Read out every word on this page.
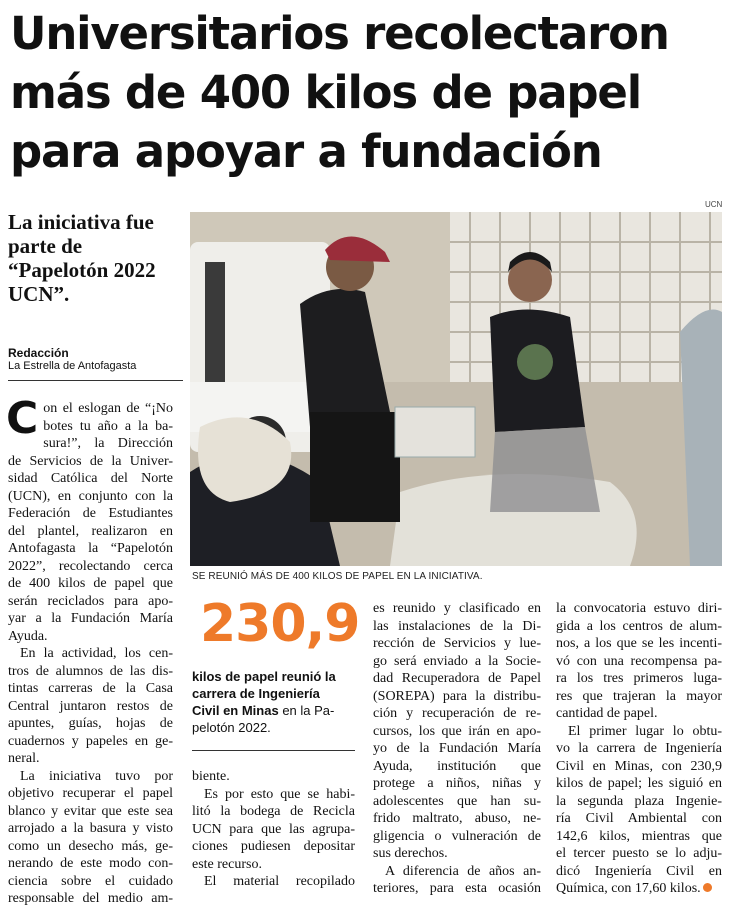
Universitarios recolectaron
más de 400 kilos de papel
para apoyar a fundación
La iniciativa fue
parte de
“Papelotón 2022
UCN”.
Redacción
La Estrella de Antofagasta
UCN
SE REUNIÓ MÁS DE 400 KILOS DE PAPEL EN LA INICIATIVA.
C on el eslogan de “¡No
botes tu año a la ba-
sura!”, la Dirección

de Servicios de la Univer-
sidad Católica del Norte
(UCN), en conjunto con la
Federación de Estudiantes
del plantel, realizaron en
Antofagasta la “Papelotón
2022”, recolectando cerca
de 400 kilos de papel que
serán reciclados para apo-
yar a la Fundación María
Ayuda.

En la actividad, los cen-
tros de alumnos de las dis-
tintas carreras de la Casa
Central juntaron restos de
apuntes, guías, hojas de
cuadernos y papeles en ge-
neral.

La iniciativa tuvo por
objetivo recuperar el papel
blanco y evitar que este sea
arrojado a la basura y visto
como un desecho más, ge-
nerando de este modo con-
ciencia sobre el cuidado
responsable del medio am-

230,9
kilos de papel reunió la
carrera de Ingeniería
Civil en Minas en la Pa-
pelotón 2022.

biente.

Es por esto que se habi-
litó la bodega de Recicla
UCN para que las agrupa-
ciones pudiesen depositar
este recurso.

El material recopilado

es reunido y clasificado en
las instalaciones de la Di-
rección de Servicios y lue-
go será enviado a la Socie-
dad Recuperadora de Papel
(SOREPA) para la distribu-
ción y recuperación de re-
cursos, los que irán en apo-
yo de la Fundación María
Ayuda, institución que
protege a niños, niñas y
adolescentes que han su-
frido maltrato, abuso, ne-
gligencia o vulneración de
sus derechos.

A diferencia de años an-
teriores, para esta ocasión

la convocatoria estuvo diri-
gida a los centros de alum-
nos, a los que se les incenti-
vó con una recompensa pa-
ra los tres primeros luga-
res que trajeran la mayor
cantidad de papel.

El primer lugar lo obtu-
vo la carrera de Ingeniería
Civil en Minas, con 230,9
kilos de papel; les siguió en
la segunda plaza Ingenie-
ría Civil Ambiental con
142,6 kilos, mientras que
el tercer puesto se lo adju-
dicó Ingeniería Civil en
Química, con 17,60 kilos.
